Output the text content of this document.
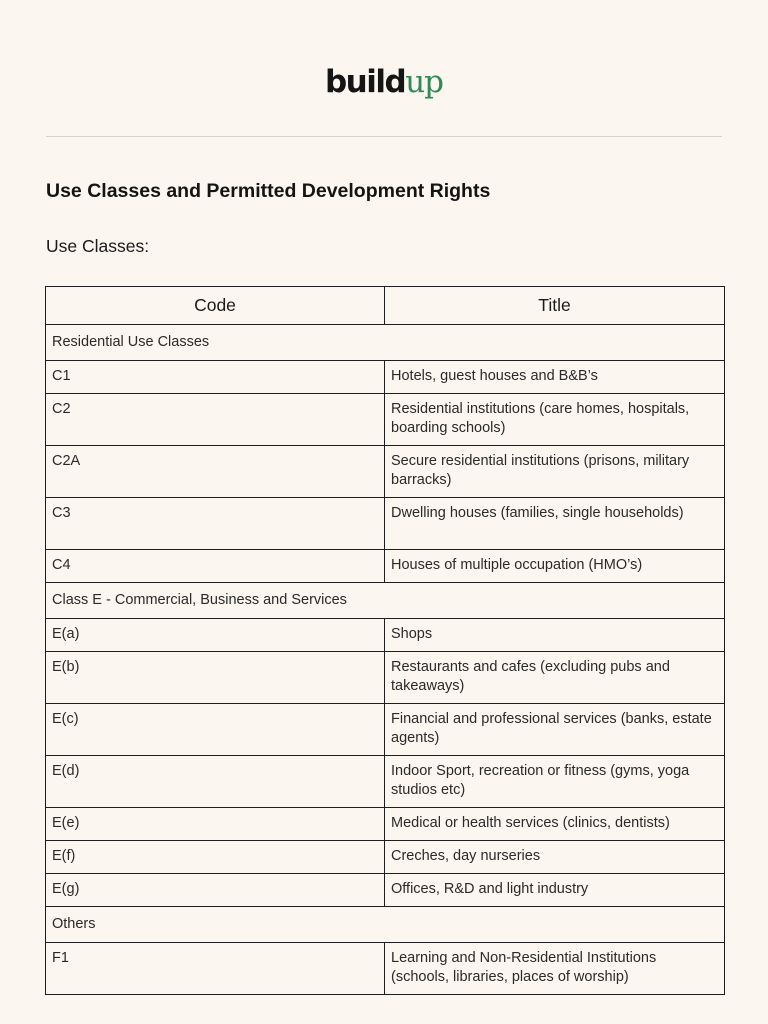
buildup
Use Classes and Permitted Development Rights
Use Classes:
Code	Title
Residential Use Classes	
C1	Hotels, guest houses and B&B’s
C2	Residential institutions (care homes, hospitals, boarding schools)
C2A	Secure residential institutions (prisons, military barracks)
C3	Dwelling houses (families, single households)
C4	Houses of multiple occupation (HMO’s)
Class E - Commercial, Business and Services	
E(a)	Shops
E(b)	Restaurants and cafes (excluding pubs and takeaways)
E(c)	Financial and professional services (banks, estate agents)
E(d)	Indoor Sport, recreation or fitness (gyms, yoga studios etc)
E(e)	Medical or health services (clinics, dentists)
E(f)	Creches, day nurseries
E(g)	Offices, R&D and light industry
Others	
F1	Learning and Non-Residential Institutions (schools, libraries, places of worship)
